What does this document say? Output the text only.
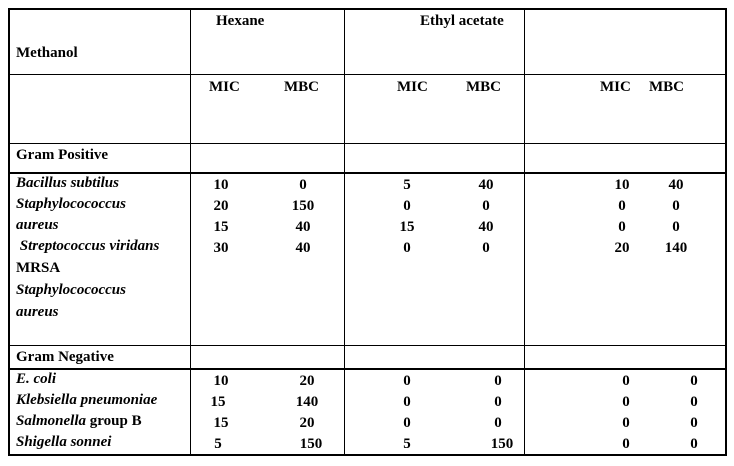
Methanol
Hexane	Ethyl acetate
MIC	MBC	MIC	MBC	MIC MBC
Gram Positive
Bacillus subtilus	10	0	5	40	10	40
Staphylocococcus	20	150	0	0	0	0
aureus	15	40	15	40	0	0
Streptococcus viridans	30	40	0	0	20	140
MRSA
Staphylocococcus
aureus
Gram Negative
E. coli	10	20	0	0	0	0
Klebsiella pneumoniae	15	140	0	0	0	0
Salmonella group B	15	20	0	0	0	0
Shigella sonnei	5	150	5	150	0	0
